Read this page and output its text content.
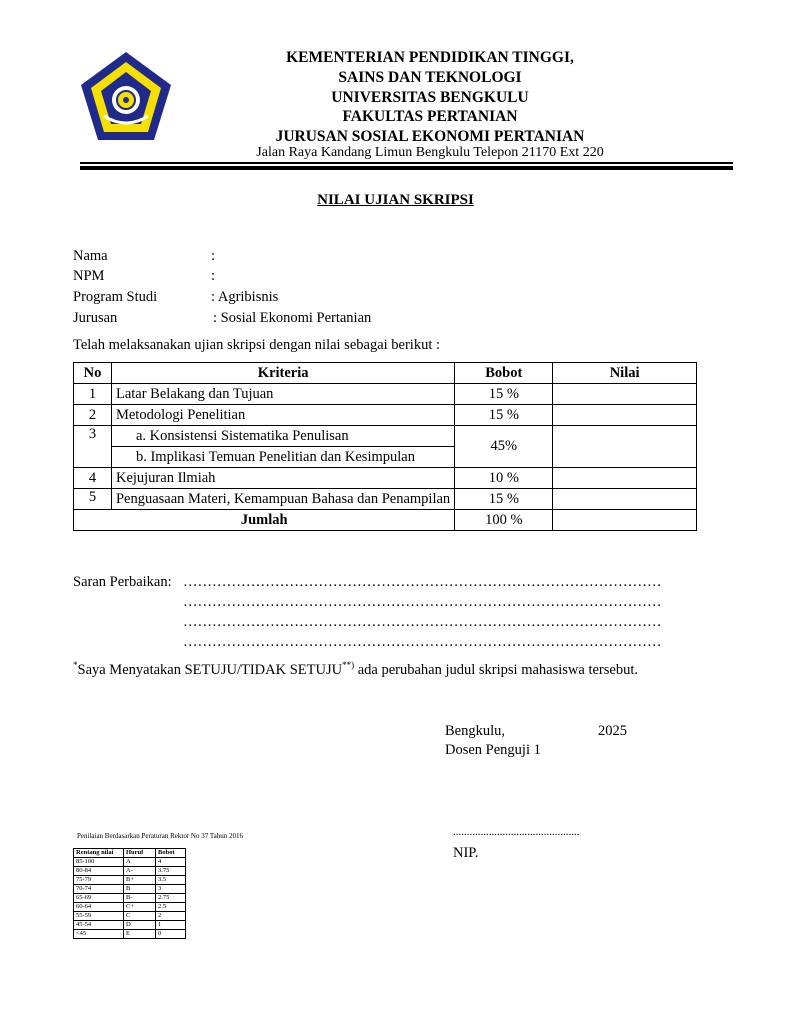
KEMENTERIAN PENDIDIKAN TINGGI,
SAINS DAN TEKNOLOGI
UNIVERSITAS BENGKULU
FAKULTAS PERTANIAN
JURUSAN SOSIAL EKONOMI PERTANIAN
Jalan Raya Kandang Limun Bengkulu Telepon 21170 Ext 220
NILAI UJIAN SKRIPSI
Nama	:
NPM	:
Program Studi	: Agribisnis
Jurusan	: Sosial Ekonomi Pertanian
Telah melaksanakan ujian skripsi dengan nilai sebagai berikut :
No	Kriteria	Bobot	Nilai
1	Latar Belakang dan Tujuan	15 %	
2	Metodologi Penelitian	15 %	
3	a. Konsistensi Sistematika Penulisan	45%	
	b. Implikasi Temuan Penelitian dan Kesimpulan		
4	Kejujuran Ilmiah	10 %	
5	Penguasaan Materi, Kemampuan Bahasa dan Penampilan	15 %	
Jumlah		100 %	
Saran Perbaikan: ………………………………………………………………………………………
………………………………………………………………………………………
………………………………………………………………………………………
………………………………………………………………………………………
*Saya Menyatakan SETUJU/TIDAK SETUJU**) ada perubahan judul skripsi mahasiswa tersebut.
Bengkulu,	2025
Dosen Penguji 1
..............................................
NIP.
Penilaian Berdasarkan Peraturan Rektor No 37 Tahun 2016
Rentang nilai	Huruf	Bobot
85-100	A	4
80-84	A-	3.75
75-79	B+	3.5
70-74	B	3
65-69	B-	2.75
60-64	C+	2.5
55-59	C	2
45-54	D	1
<45	E	0
